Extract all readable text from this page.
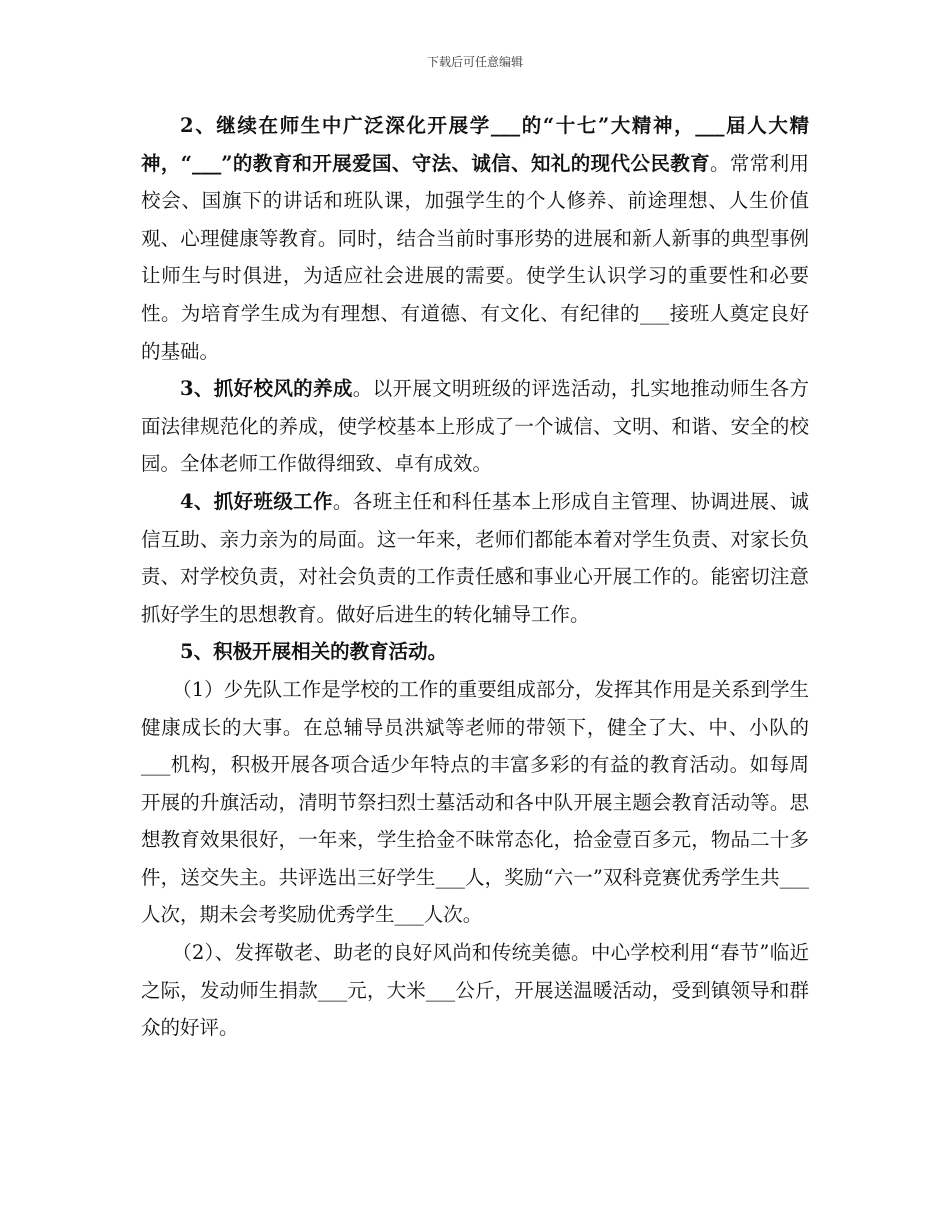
下载后可任意编辑

2、继续在师生中广泛深化开展学___的“十七”大精神，___届人大精神，“___”的教育和开展爱国、守法、诚信、知礼的现代公民教育。常常利用校会、国旗下的讲话和班队课，加强学生的个人修养、前途理想、人生价值观、心理健康等教育。同时，结合当前时事形势的进展和新人新事的典型事例让师生与时俱进，为适应社会进展的需要。使学生认识学习的重要性和必要性。为培育学生成为有理想、有道德、有文化、有纪律的___接班人奠定良好的基础。

3、抓好校风的养成。以开展文明班级的评选活动，扎实地推动师生各方面法律规范化的养成，使学校基本上形成了一个诚信、文明、和谐、安全的校园。全体老师工作做得细致、卓有成效。

4、抓好班级工作。各班主任和科任基本上形成自主管理、协调进展、诚信互助、亲力亲为的局面。这一年来，老师们都能本着对学生负责、对家长负责、对学校负责，对社会负责的工作责任感和事业心开展工作的。能密切注意抓好学生的思想教育。做好后进生的转化辅导工作。

5、积极开展相关的教育活动。

（1）少先队工作是学校的工作的重要组成部分，发挥其作用是关系到学生健康成长的大事。在总辅导员洪斌等老师的带领下，健全了大、中、小队的___机构，积极开展各项合适少年特点的丰富多彩的有益的教育活动。如每周开展的升旗活动，清明节祭扫烈士墓活动和各中队开展主题会教育活动等。思想教育效果很好，一年来，学生拾金不昧常态化，拾金壹百多元，物品二十多件，送交失主。共评选出三好学生___人，奖励“六一”双科竞赛优秀学生共___人次，期未会考奖励优秀学生___人次。

（2）、发挥敬老、助老的良好风尚和传统美德。中心学校利用“春节”临近之际，发动师生捐款___元，大米___公斤，开展送温暖活动，受到镇领导和群众的好评。
